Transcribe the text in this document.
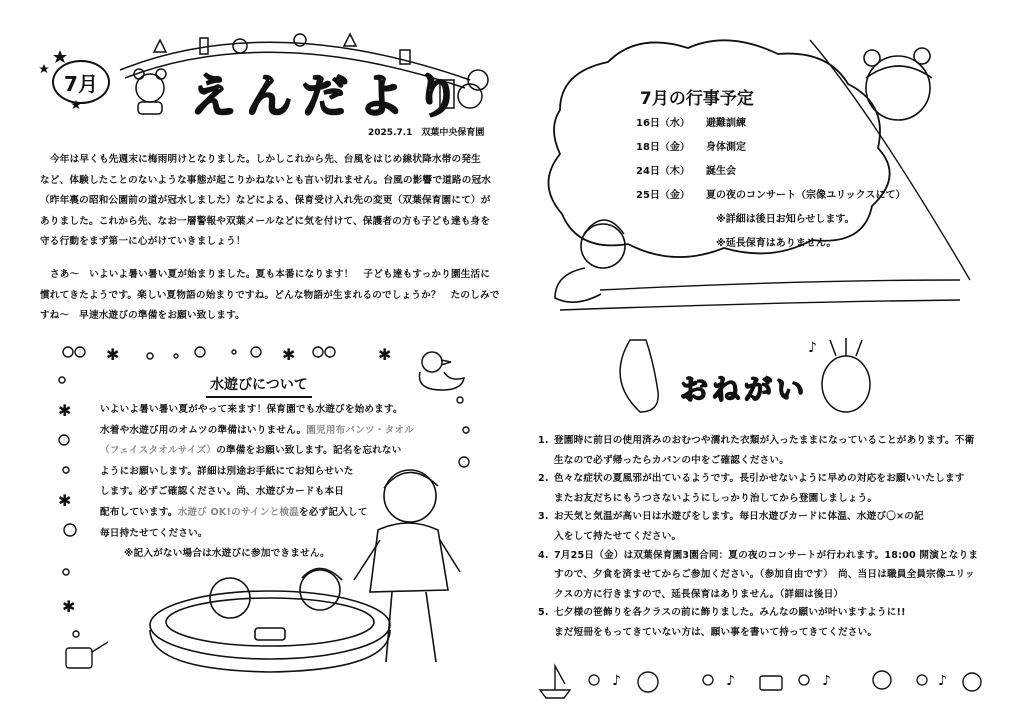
✱	✱	✱
✱
✱
✱
♪
♪	♪	♪	♪
7月 えんだより
2025.7.1　双葉中央保育園
今年は早くも先週末に梅雨明けとなりました。しかしこれから先、台風をはじめ線状降水帯の発生
など、体験したことのないような事態が起こりかねないとも言い切れません。台風の影響で道路の冠水
（昨年裏の昭和公園前の道が冠水しました）などによる、保育受け入れ先の変更（双葉保育園にて）が
ありました。これから先、なお一層警報や双葉メールなどに気を付けて、保護者の方も子ども達も身を
守る行動をまず第一に心がけていきましょう！
さあ～　いよいよ暑い暑い夏が始まりました。夏も本番になります！　子ども達もすっかり園生活に
慣れてきたようです。楽しい夏物語の始まりですね。どんな物語が生まれるのでしょうか？　たのしみで
すね～　早速水遊びの準備をお願い致します。
水遊びについて
いよいよ暑い暑い夏がやって来ます！保育園でも水遊びを始めます。
水着や水遊び用のオムツの準備はいりません。園児用布パンツ・タオル
（フェイスタオルサイズ）の準備をお願い致します。記名を忘れない
ようにお願いします。詳細は別途お手紙にてお知らせいた
します。必ずご確認ください。尚、水遊びカードも本日
配布しています。水遊び OK!のサインと検温を必ず記入して
毎日持たせてください。
※記入がない場合は水遊びに参加できません。
7月の行事予定
16日（水） 避難訓練
18日（金） 身体測定
24日（木） 誕生会
25日（金） 夏の夜のコンサート（宗像ユリックスにて）
※詳細は後日お知らせします。
※延長保育はありません。
おねがい
1. 登園時に前日の使用済みのおむつや濡れた衣類が入ったままになっていることがあります。不衛
生なので必ず帰ったらカバンの中をご確認ください。
2. 色々な症状の夏風邪が出ているようです。長引かせないように早めの対応をお願いいたします
またお友だちにもうつさないようにしっかり治してから登園しましょう。
3. お天気と気温が高い日は水遊びをします。毎日水遊びカードに体温、水遊び〇×の記
入をして持たせてください。
4. 7月25日（金）は双葉保育園3園合同：夏の夜のコンサートが行われます。18:00 開演となりま
すので、夕食を済ませてからご参加ください。（参加自由です）　尚、当日は職員全員宗像ユリッ
クスの方に行きますので、延長保育はありません。（詳細は後日）
5. 七夕様の笹飾りを各クラスの前に飾りました。みんなの願いが叶いますように!!
まだ短冊をもってきていない方は、願い事を書いて持ってきてください。
